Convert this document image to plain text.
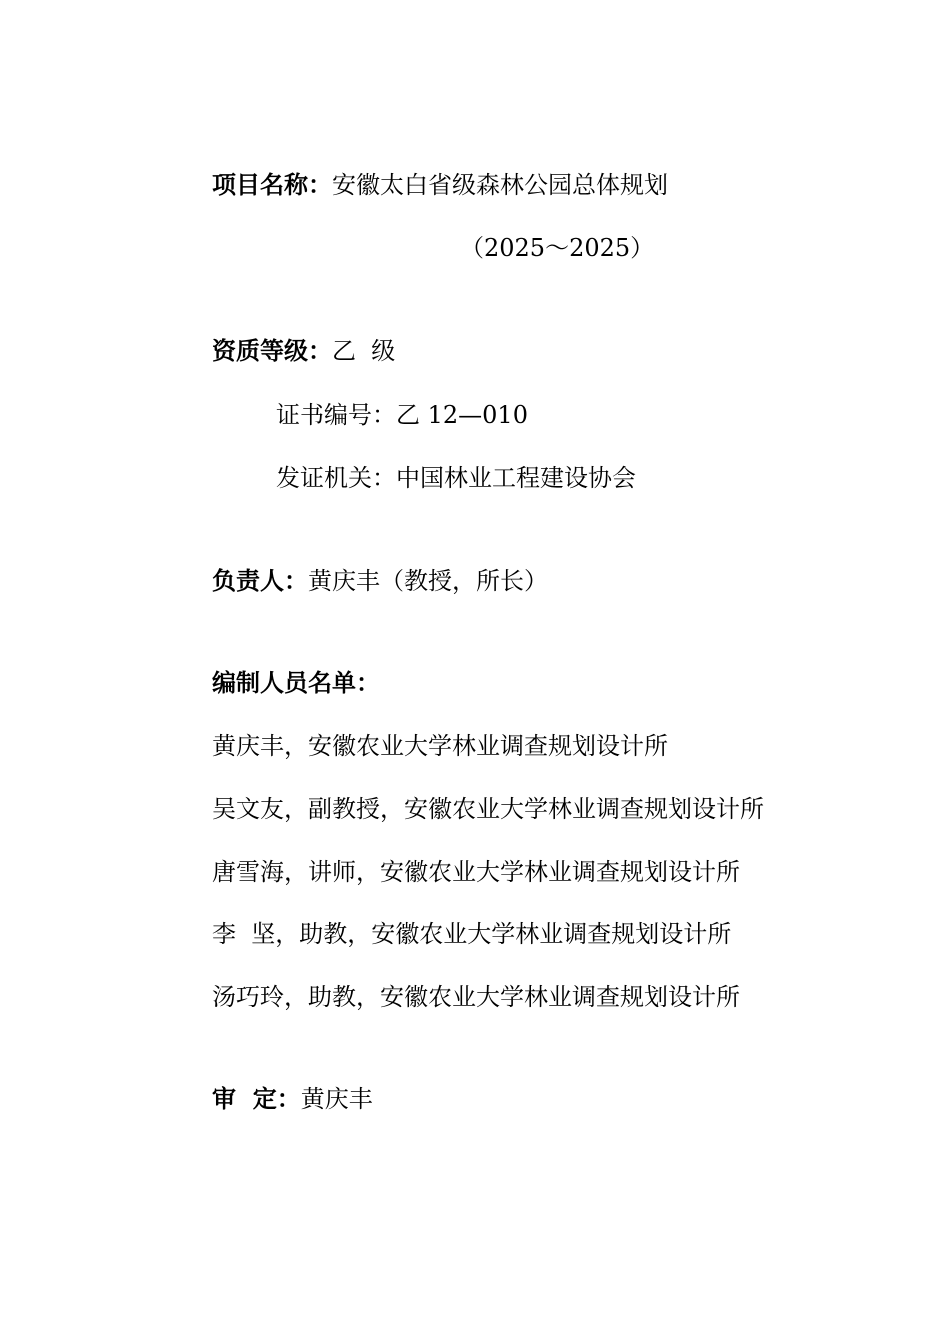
项目名称：安徽太白省级森林公园总体规划
（2025～2025）
资质等级：乙  级
证书编号：乙 12—010
发证机关：中国林业工程建设协会
负责人：黄庆丰（教授，所长）
编制人员名单：
黄庆丰，安徽农业大学林业调查规划设计所
吴文友，副教授，安徽农业大学林业调查规划设计所
唐雪海，讲师，安徽农业大学林业调查规划设计所
李  坚，助教，安徽农业大学林业调查规划设计所
汤巧玲，助教，安徽农业大学林业调查规划设计所
审  定：黄庆丰
